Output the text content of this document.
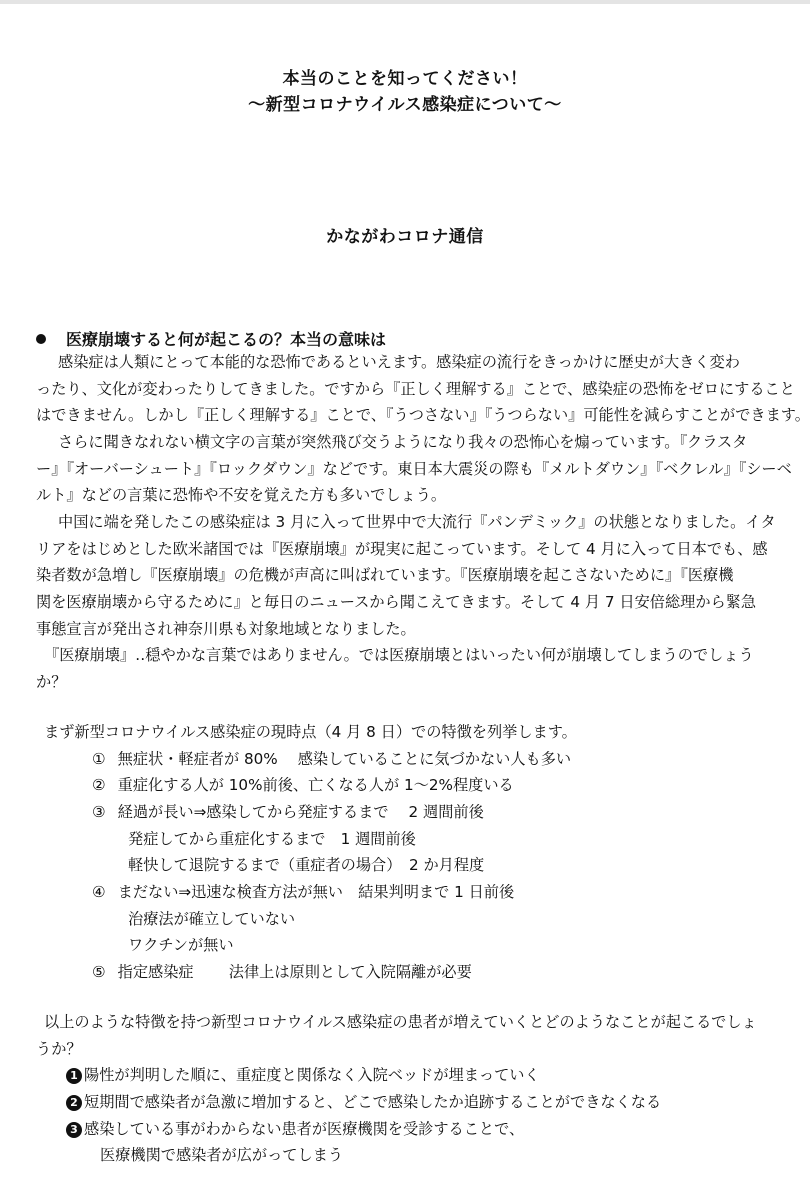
本当のことを知ってください！
～新型コロナウイルス感染症について～
かながわコロナ通信
医療崩壊すると何が起こるの？本当の意味は
感染症は人類にとって本能的な恐怖であるといえます。感染症の流行をきっかけに歴史が大きく変わ
ったり、文化が変わったりしてきました。ですから『正しく理解する』ことで、感染症の恐怖をゼロにすること
はできません。しかし『正しく理解する』ことで、『うつさない』『うつらない』可能性を減らすことができます。
さらに聞きなれない横文字の言葉が突然飛び交うようになり我々の恐怖心を煽っています。『クラスタ
ー』『オーバーシュート』『ロックダウン』などです。東日本大震災の際も『メルトダウン』『ベクレル』『シーベ
ルト』などの言葉に恐怖や不安を覚えた方も多いでしょう。
中国に端を発したこの感染症は 3 月に入って世界中で大流行『パンデミック』の状態となりました。イタ
リアをはじめとした欧米諸国では『医療崩壊』が現実に起こっています。そして 4 月に入って日本でも、感
染者数が急増し『医療崩壊』の危機が声高に叫ばれています。『医療崩壊を起こさないために』『医療機
関を医療崩壊から守るために』と毎日のニュースから聞こえてきます。そして 4 月 7 日安倍総理から緊急
事態宣言が発出され神奈川県も対象地域となりました。
『医療崩壊』‥穏やかな言葉ではありません。では医療崩壊とはいったい何が崩壊してしまうのでしょう
か？
まず新型コロナウイルス感染症の現時点（4 月 8 日）での特徴を列挙します。
① 無症状・軽症者が 80%　 感染していることに気づかない人も多い
② 重症化する人が 10%前後、亡くなる人が 1～2%程度いる
③ 経過が長い⇒感染してから発症するまで　 2 週間前後
発症してから重症化するまで　1 週間前後
軽快して退院するまで（重症者の場合）　2 か月程度
④ まだない⇒迅速な検査方法が無い　結果判明まで 1 日前後
治療法が確立していない
ワクチンが無い
⑤ 指定感染症　　 法律上は原則として入院隔離が必要
以上のような特徴を持つ新型コロナウイルス感染症の患者が増えていくとどのようなことが起こるでしょ
うか？
1 陽性が判明した順に、重症度と関係なく入院ベッドが埋まっていく
2 短期間で感染者が急激に増加すると、どこで感染したか追跡することができなくなる
3 感染している事がわからない患者が医療機関を受診することで、
医療機関で感染者が広がってしまう
